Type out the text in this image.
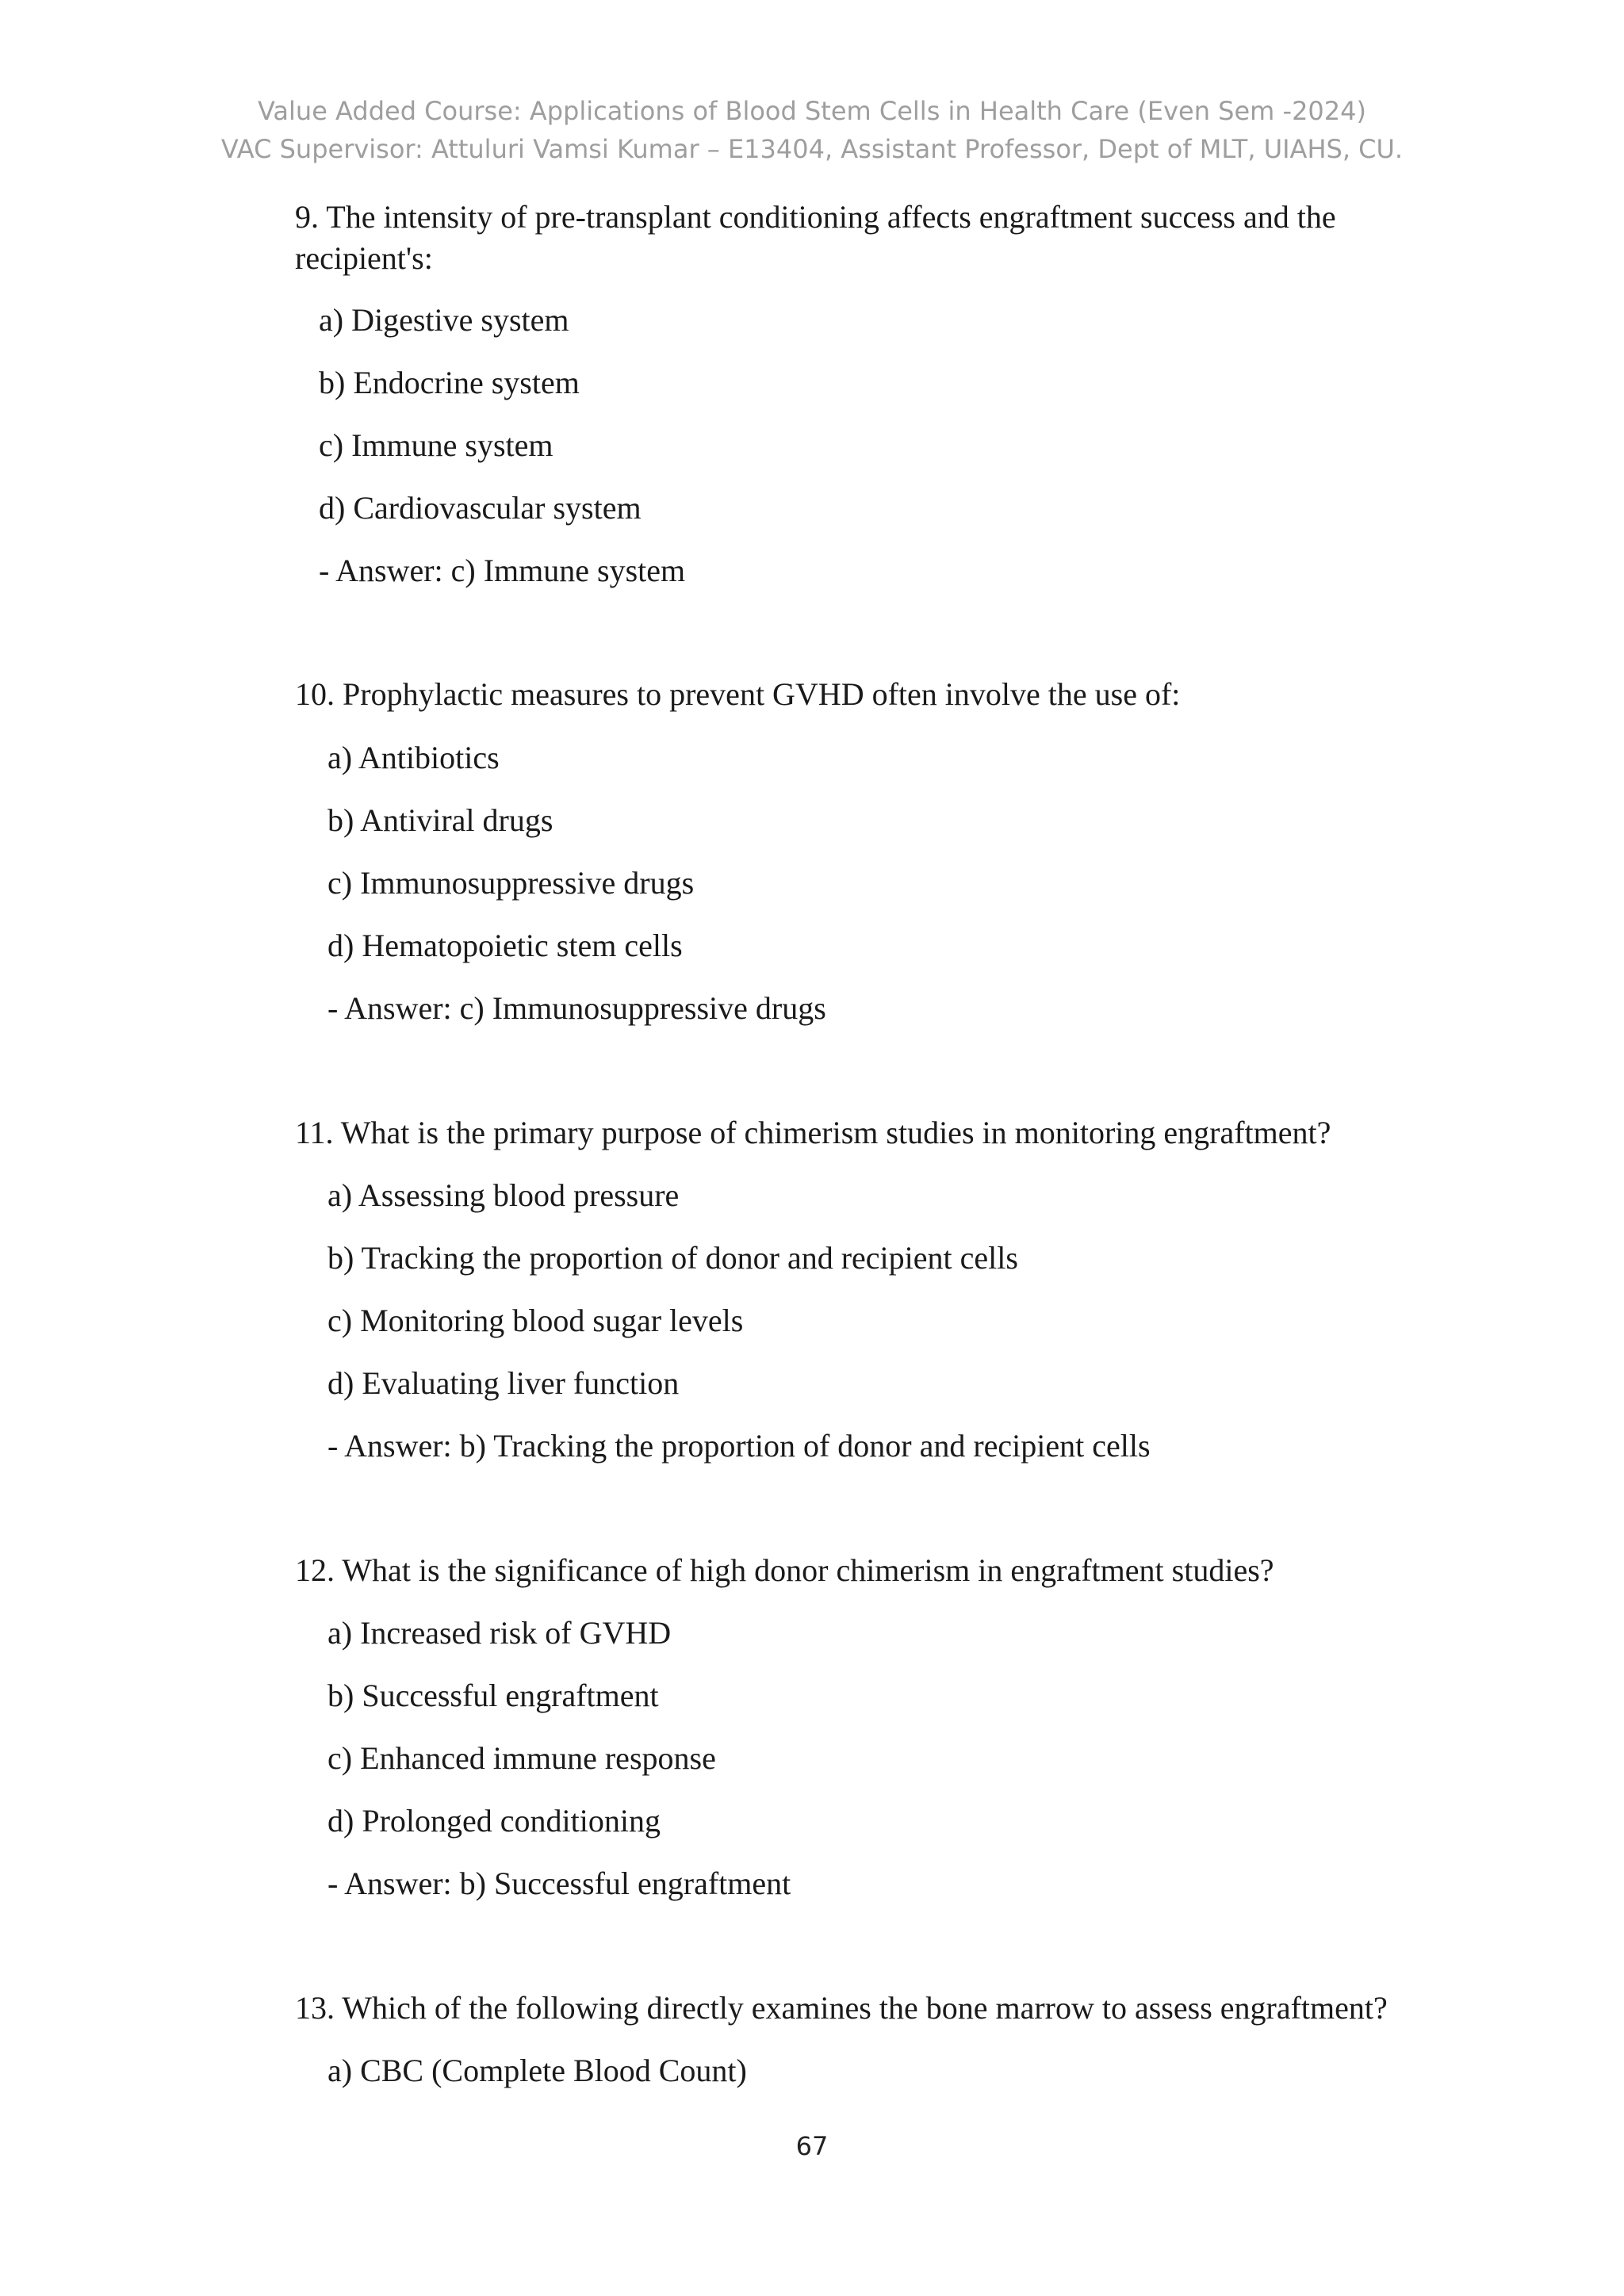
Value Added Course: Applications of Blood Stem Cells in Health Care (Even Sem -2024)
VAC Supervisor: Attuluri Vamsi Kumar – E13404, Assistant Professor, Dept of MLT, UIAHS, CU.
9. The intensity of pre-transplant conditioning affects engraftment success and the recipient's:
a) Digestive system
b) Endocrine system
c) Immune system
d) Cardiovascular system
- Answer: c) Immune system
10. Prophylactic measures to prevent GVHD often involve the use of:
a) Antibiotics
b) Antiviral drugs
c) Immunosuppressive drugs
d) Hematopoietic stem cells
- Answer: c) Immunosuppressive drugs
11. What is the primary purpose of chimerism studies in monitoring engraftment?
a) Assessing blood pressure
b) Tracking the proportion of donor and recipient cells
c) Monitoring blood sugar levels
d) Evaluating liver function
- Answer: b) Tracking the proportion of donor and recipient cells
12. What is the significance of high donor chimerism in engraftment studies?
a) Increased risk of GVHD
b) Successful engraftment
c) Enhanced immune response
d) Prolonged conditioning
- Answer: b) Successful engraftment
13. Which of the following directly examines the bone marrow to assess engraftment?
a) CBC (Complete Blood Count)
67
